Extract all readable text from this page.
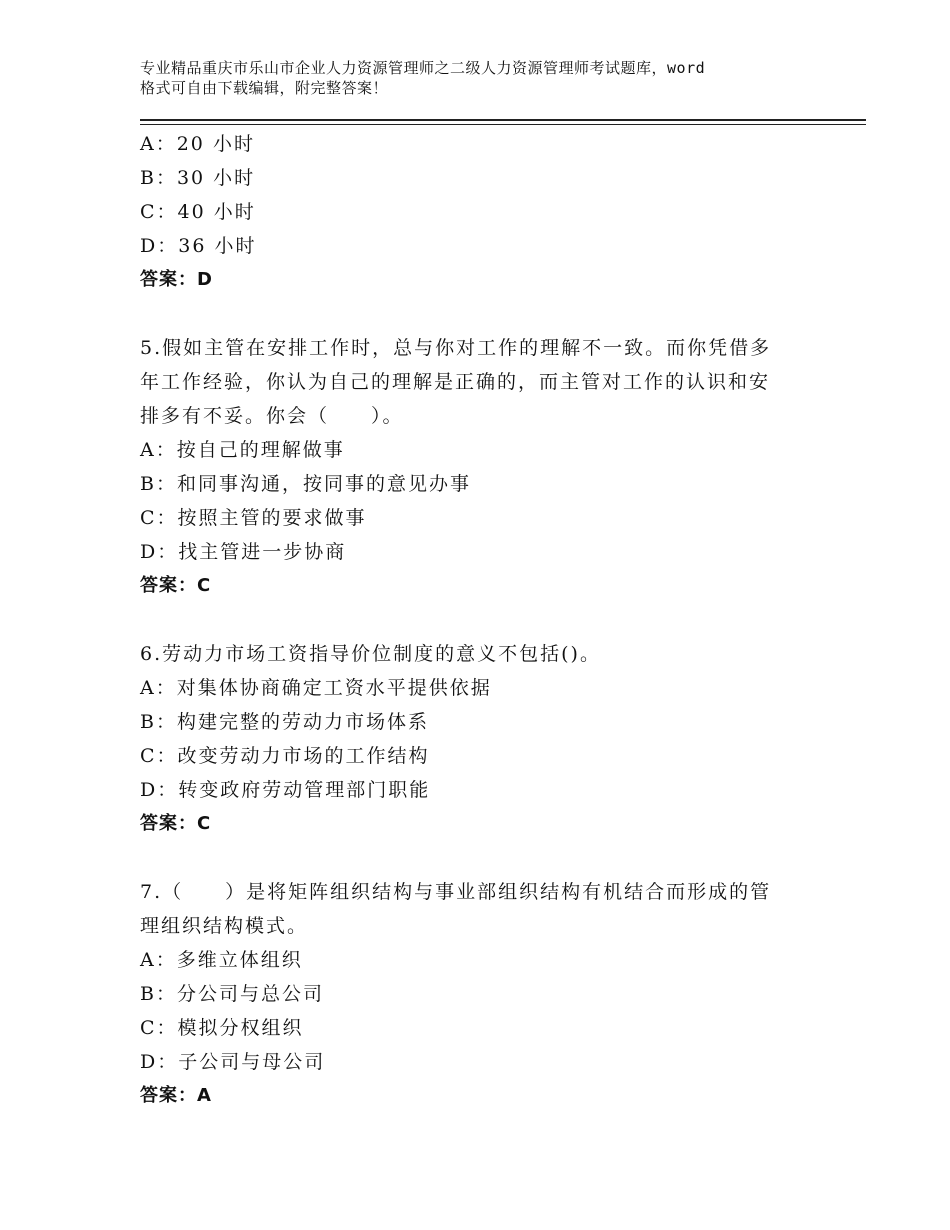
专业精品重庆市乐山市企业人力资源管理师之二级人力资源管理师考试题库，word

格式可自由下载编辑，附完整答案！

A：20 小时
B：30 小时
C：40 小时
D：36 小时
答案：D
5.假如主管在安排工作时，总与你对工作的理解不一致。而你凭借多
年工作经验，你认为自己的理解是正确的，而主管对工作的认识和安
排多有不妥。你会（　　）。
A：按自己的理解做事
B：和同事沟通，按同事的意见办事
C：按照主管的要求做事
D：找主管进一步协商
答案：C
6.劳动力市场工资指导价位制度的意义不包括()。
A：对集体协商确定工资水平提供依据
B：构建完整的劳动力市场体系
C：改变劳动力市场的工作结构
D：转变政府劳动管理部门职能
答案：C
7.（　　）是将矩阵组织结构与事业部组织结构有机结合而形成的管
理组织结构模式。
A：多维立体组织
B：分公司与总公司
C：模拟分权组织
D：子公司与母公司
答案：A
